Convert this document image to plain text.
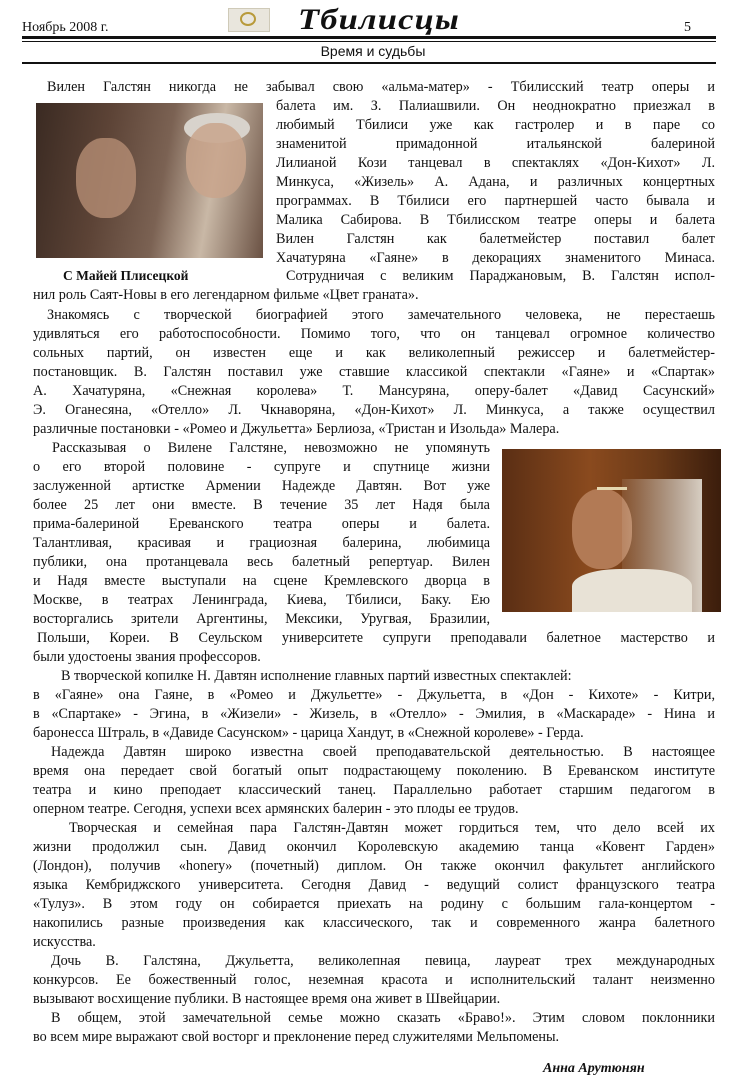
Ноябрь 2008 г.	Тбилисцы	5
Время и судьбы
С Майей Плисецкой
Вилен Галстян никогда не забывал свою «альма-матер» - Тбилисский театр оперы и
балета им. З. Палиашвили. Он неоднократно приезжал в
любимый Тбилиси уже как гастролер и в паре со
знаменитой примадонной итальянской балериной
Лилианой Кози танцевал в спектаклях «Дон-Кихот» Л.
Минкуса, «Жизель» А. Адана, и различных концертных
программах. В Тбилиси его партнершей часто бывала и
Малика Сабирова. В Тбилисском театре оперы и балета
Вилен Галстян как балетмейстер поставил балет
Хачатуряна «Гаяне» в декорациях знаменитого Минаса.
Сотрудничая с великим Параджановым, В. Галстян испол-
нил роль Саят-Новы в его легендарном фильме «Цвет граната».
Знакомясь с творческой биографией этого замечательного человека, не перестаешь
удивляться его работоспособности. Помимо того, что он танцевал огромное количество
сольных партий, он известен еще и как великолепный режиссер и балетмейстер-
постановщик. В. Галстян поставил уже ставшие классикой спектакли «Гаяне» и «Спартак»
А. Хачатуряна, «Снежная королева» Т. Мансуряна, оперу-балет «Давид Сасунский»
Э. Оганесяна, «Отелло» Л. Чкнаворяна, «Дон-Кихот» Л. Минкуса, а также осуществил
различные постановки - «Ромео и Джульетта» Берлиоза, «Тристан и Изольда» Малера.
Рассказывая о Вилене Галстяне, невозможно не упомянуть
о его второй половине - супруге и спутнице жизни
заслуженной артистке Армении Надежде Давтян. Вот уже
более 25 лет они вместе. В течение 35 лет Надя была
прима-балериной Ереванского театра оперы и балета.
Талантливая, красивая и грациозная балерина, любимица
публики, она протанцевала весь балетный репертуар. Вилен
и Надя вместе выступали на сцене Кремлевского дворца в
Москве, в театрах Ленинграда, Киева, Тбилиси, Баку. Ею
восторгались зрители Аргентины, Мексики, Уругвая, Бразилии,
Польши, Кореи. В Сеульском университете супруги преподавали балетное мастерство и
были удостоены звания профессоров.
В творческой копилке Н. Давтян исполнение главных партий известных спектаклей:
в «Гаяне» она Гаяне, в «Ромео и Джульетте» - Джульетта, в «Дон - Кихоте» - Китри,
в «Спартаке» - Эгина, в «Жизели» - Жизель, в «Отелло» - Эмилия, в «Маскараде» - Нина и
баронесса Штраль, в «Давиде Сасунском» - царица Хандут, в «Снежной королеве» - Герда.
Надежда Давтян широко известна своей преподавательской деятельностью. В настоящее
время она передает свой богатый опыт подрастающему поколению. В Ереванском институте
театра и кино преподает классический танец. Параллельно работает старшим педагогом в
оперном театре. Сегодня, успехи всех армянских балерин - это плоды ее трудов.
Творческая и семейная пара Галстян-Давтян может гордиться тем, что дело всей их
жизни продолжил сын. Давид окончил Королевскую академию танца «Ковент Гарден»
(Лондон), получив «honery» (почетный) диплом. Он также окончил факультет английского
языка Кембриджского университета. Сегодня Давид - ведущий солист французского театра
«Тулуз». В этом году он собирается приехать на родину с большим гала-концертом -
накопились разные произведения как классического, так и современного жанра балетного
искусства.
Дочь В. Галстяна, Джульетта, великолепная певица, лауреат трех международных
конкурсов. Ее божественный голос, неземная красота и исполнительский талант неизменно
вызывают восхищение публики. В настоящее время она живет в Швейцарии.
В общем, этой замечательной семье можно сказать «Браво!». Этим словом поклонники
во всем мире выражают свой восторг и преклонение перед служителями Мельпомены.
Анна Арутюнян
